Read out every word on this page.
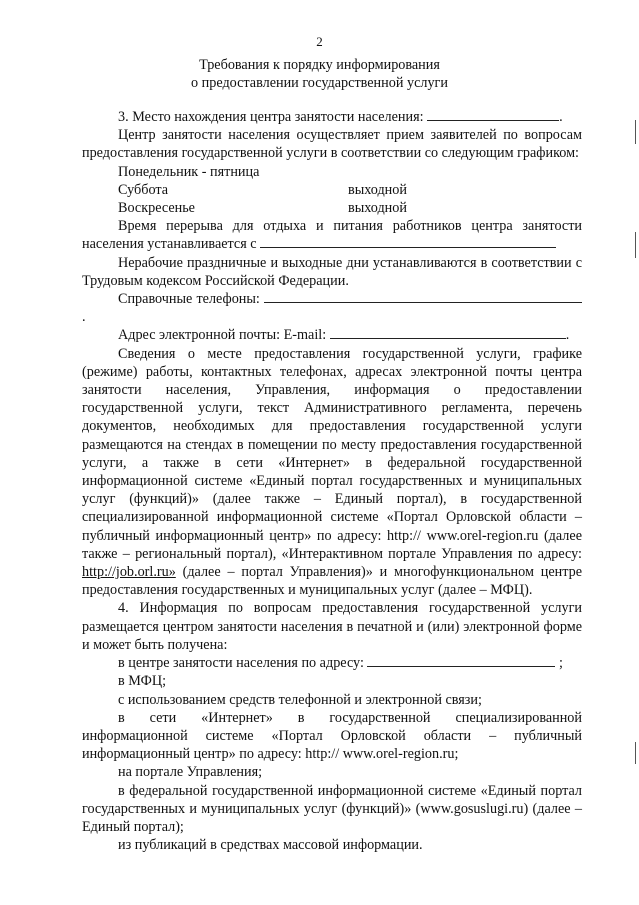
2
Требования к порядку информирования
о предоставлении государственной услуги

3. Место нахождения центра занятости населения:	.

Центр занятости населения осуществляет прием заявителей по вопросам предоставления государственной услуги в соответствии со следующим графиком:

Понедельник - пятница
Суббота	выходной
Воскресенье	выходной

Время перерыва для отдыха и питания работников центра занятости населения устанавливается с

Нерабочие праздничные и выходные дни устанавливаются в соответствии с Трудовым кодексом Российской Федерации.

Справочные телефоны: .

Адрес электронной почты: E-mail:	.

Сведения о месте предоставления государственной услуги, графике (режиме) работы, контактных телефонах, адресах электронной почты центра занятости населения, Управления, информация о предоставлении государственной услуги, текст Административного регламента, перечень документов, необходимых для предоставления государственной услуги размещаются на стендах в помещении по месту предоставления государственной услуги, а также в сети «Интернет» в федеральной государственной информационной системе «Единый портал государственных и муниципальных услуг (функций)» (далее также – Единый портал), в государственной специализированной информационной системе «Портал Орловской области – публичный информационный центр» по адресу: http:// www.orel-region.ru (далее также – региональный портал), «Интерактивном портале Управления по адресу: http://job.orl.ru» (далее – портал Управления)» и многофункциональном центре предоставления государственных и муниципальных услуг (далее – МФЦ).

4. Информация по вопросам предоставления государственной услуги размещается центром занятости населения в печатной и (или) электронной форме и может быть получена:

в центре занятости населения по адресу:	;

в МФЦ;

с использованием средств телефонной и электронной связи;

в сети «Интернет» в государственной специализированной информационной системе «Портал Орловской области – публичный информационный центр» по адресу: http:// www.orel-region.ru;

на портале Управления;

в федеральной государственной информационной системе «Единый портал государственных и муниципальных услуг (функций)» (www.gosuslugi.ru) (далее – Единый портал);

из публикаций в средствах массовой информации.
